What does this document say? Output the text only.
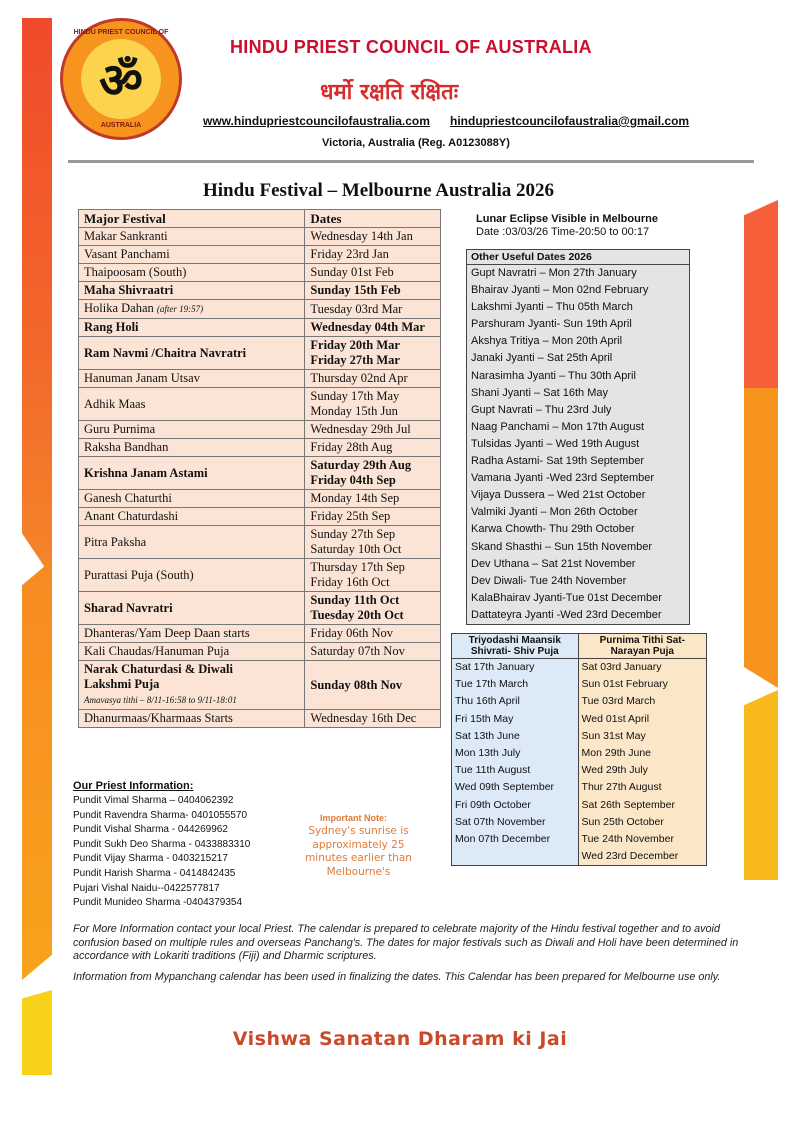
HINDU PRIEST COUNCIL OF
ॐ
AUSTRALIA
HINDU PRIEST COUNCIL OF AUSTRALIA
धर्मो रक्षति रक्षितः
www.hindupriestcouncilofaustralia.com hindupriestcouncilofaustralia@gmail.com
Victoria, Australia (Reg. A0123088Y)
Hindu Festival – Melbourne Australia 2026
Major Festival	Dates
Makar Sankranti	Wednesday 14th Jan
Vasant Panchami	Friday 23rd Jan
Thaipoosam (South)	Sunday 01st Feb
Maha Shivraatri	Sunday 15th Feb
Holika Dahan (after 19:57)	Tuesday 03rd Mar
Rang Holi	Wednesday 04th Mar
Ram Navmi /Chaitra Navratri	Friday 20th Mar
Friday 27th Mar
Hanuman Janam Utsav	Thursday 02nd Apr
Adhik Maas	Sunday 17th May
Monday 15th Jun
Guru Purnima	Wednesday 29th Jul
Raksha Bandhan	Friday 28th Aug
Krishna Janam Astami	Saturday 29th Aug
Friday 04th Sep
Ganesh Chaturthi	Monday 14th Sep
Anant Chaturdashi	Friday 25th Sep
Pitra Paksha	Sunday 27th Sep
Saturday 10th Oct
Purattasi Puja (South)	Thursday 17th Sep
Friday 16th Oct
Sharad Navratri	Sunday 11th Oct
Tuesday 20th Oct
Dhanteras/Yam Deep Daan starts	Friday 06th Nov
Kali Chaudas/Hanuman Puja	Saturday 07th Nov
Narak Chaturdasi & Diwali
Lakshmi Puja
Amavasya tithi – 8/11-16:58 to 9/11-18:01	Sunday 08th Nov
Dhanurmaas/Kharmaas Starts	Wednesday 16th Dec
Lunar Eclipse Visible in Melbourne
Date :03/03/26 Time-20:50 to 00:17
Other Useful Dates 2026
Gupt Navratri – Mon 27th January
Bhairav Jyanti – Mon 02nd February
Lakshmi Jyanti – Thu 05th March
Parshuram Jyanti- Sun 19th April
Akshya Tritiya – Mon 20th April
Janaki Jyanti – Sat 25th April
Narasimha Jyanti – Thu 30th April
Shani Jyanti – Sat 16th May
Gupt Navrati – Thu 23rd July
Naag Panchami – Mon 17th August
Tulsidas Jyanti – Wed 19th August
Radha Astami- Sat 19th September
Vamana Jyanti -Wed 23rd September
Vijaya Dussera – Wed 21st October
Valmiki Jyanti – Mon 26th October
Karwa Chowth- Thu 29th October
Skand Shasthi – Sun 15th November
Dev Uthana – Sat 21st November
Dev Diwali- Tue 24th November
KalaBhairav Jyanti-Tue 01st December
Dattateyra Jyanti -Wed 23rd December
Triyodashi Maansik Shivrati- Shiv Puja	Purnima Tithi Sat-Narayan Puja
Sat 17th January	Sat 03rd January
Tue 17th March	Sun 01st February
Thu 16th April	Tue 03rd March
Fri 15th May	Wed 01st April
Sat 13th June	Sun 31st May
Mon 13th July	Mon 29th June
Tue 11th August	Wed 29th July
Wed 09th September	Thur 27th August
Fri 09th October	Sat 26th September
Sat 07th November	Sun 25th October
Mon 07th December	Tue 24th November
	Wed 23rd December
Our Priest Information:
Pundit Vimal Sharma – 0404062392
Pundit Ravendra Sharma- 0401055570
Pundit Vishal Sharma - 044269962
Pundit Sukh Deo Sharma - 0433883310
Pundit Vijay Sharma - 0403215217
Pundit Harish Sharma - 0414842435
Pujari Vishal Naidu--0422577817
Pundit Munideo Sharma -0404379354
Important Note:
Sydney's sunrise is approximately 25 minutes earlier than Melbourne's
For More Information contact your local Priest. The calendar is prepared to celebrate majority of the Hindu festival together and to avoid confusion based on multiple rules and overseas Panchang's. The dates for major festivals such as Diwali and Holi have been determined in accordance with Lokariti traditions (Fiji) and Dharmic scriptures.
Information from Mypanchang calendar has been used in finalizing the dates. This Calendar has been prepared for Melbourne use only.
Vishwa Sanatan Dharam ki Jai
